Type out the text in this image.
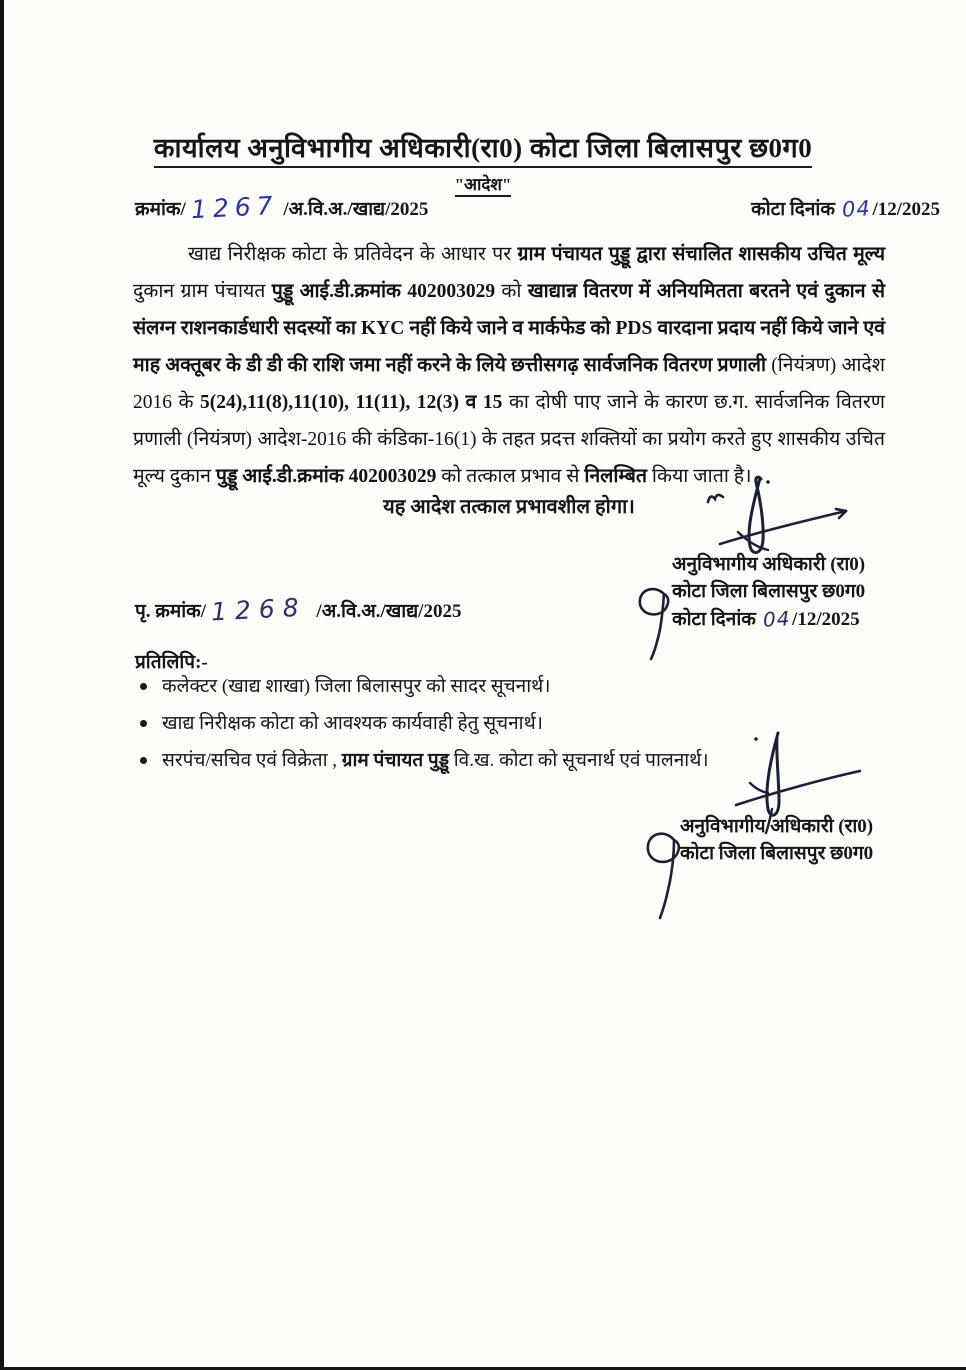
कार्यालय अनुविभागीय अधिकारी(रा0) कोटा जिला बिलासपुर छ0ग0
"आदेश"
क्रमांक/ 1267 /अ.वि.अ./खाद्य/2025	कोटा दिनांक 04/12/2025
खाद्य निरीक्षक कोटा के प्रतिवेदन के आधार पर ग्राम पंचायत पुड्डू द्वारा संचालित शासकीय उचित मूल्य दुकान ग्राम पंचायत पुड्डू आई.डी.क्रमांक 402003029 को खाद्यान्न वितरण में अनियमितता बरतने एवं दुकान से संलग्न राशनकार्डधारी सदस्यों का KYC नहीं किये जाने व मार्कफेड को PDS वारदाना प्रदाय नहीं किये जाने एवं माह अक्तूबर के डी डी की राशि जमा नहीं करने के लिये छत्तीसगढ़ सार्वजनिक वितरण प्रणाली (नियंत्रण) आदेश 2016 के 5(24),11(8),11(10), 11(11), 12(3) व 15 का दोषी पाए जाने के कारण छ.ग. सार्वजनिक वितरण प्रणाली (नियंत्रण) आदेश-2016 की कंडिका-16(1) के तहत प्रदत्त शक्तियों का प्रयोग करते हुए शासकीय उचित मूल्य दुकान पुड्डू आई.डी.क्रमांक 402003029 को तत्काल प्रभाव से निलम्बित किया जाता है।
यह आदेश तत्काल प्रभावशील होगा।
अनुविभागीय अधिकारी (रा0)
कोटा जिला बिलासपुर छ0ग0
कोटा दिनांक 04/12/2025
पृ. क्रमांक/ 1268 /अ.वि.अ./खाद्य/2025
प्रतिलिपि:-
कलेक्टर (खाद्य शाखा) जिला बिलासपुर को सादर सूचनार्थ।
खाद्य निरीक्षक कोटा को आवश्यक कार्यवाही हेतु सूचनार्थ।
सरपंच/सचिव एवं विक्रेता , ग्राम पंचायत पुड्डू वि.ख. कोटा को सूचनार्थ एवं पालनार्थ।
अनुविभागीय अधिकारी (रा0)
कोटा जिला बिलासपुर छ0ग0
